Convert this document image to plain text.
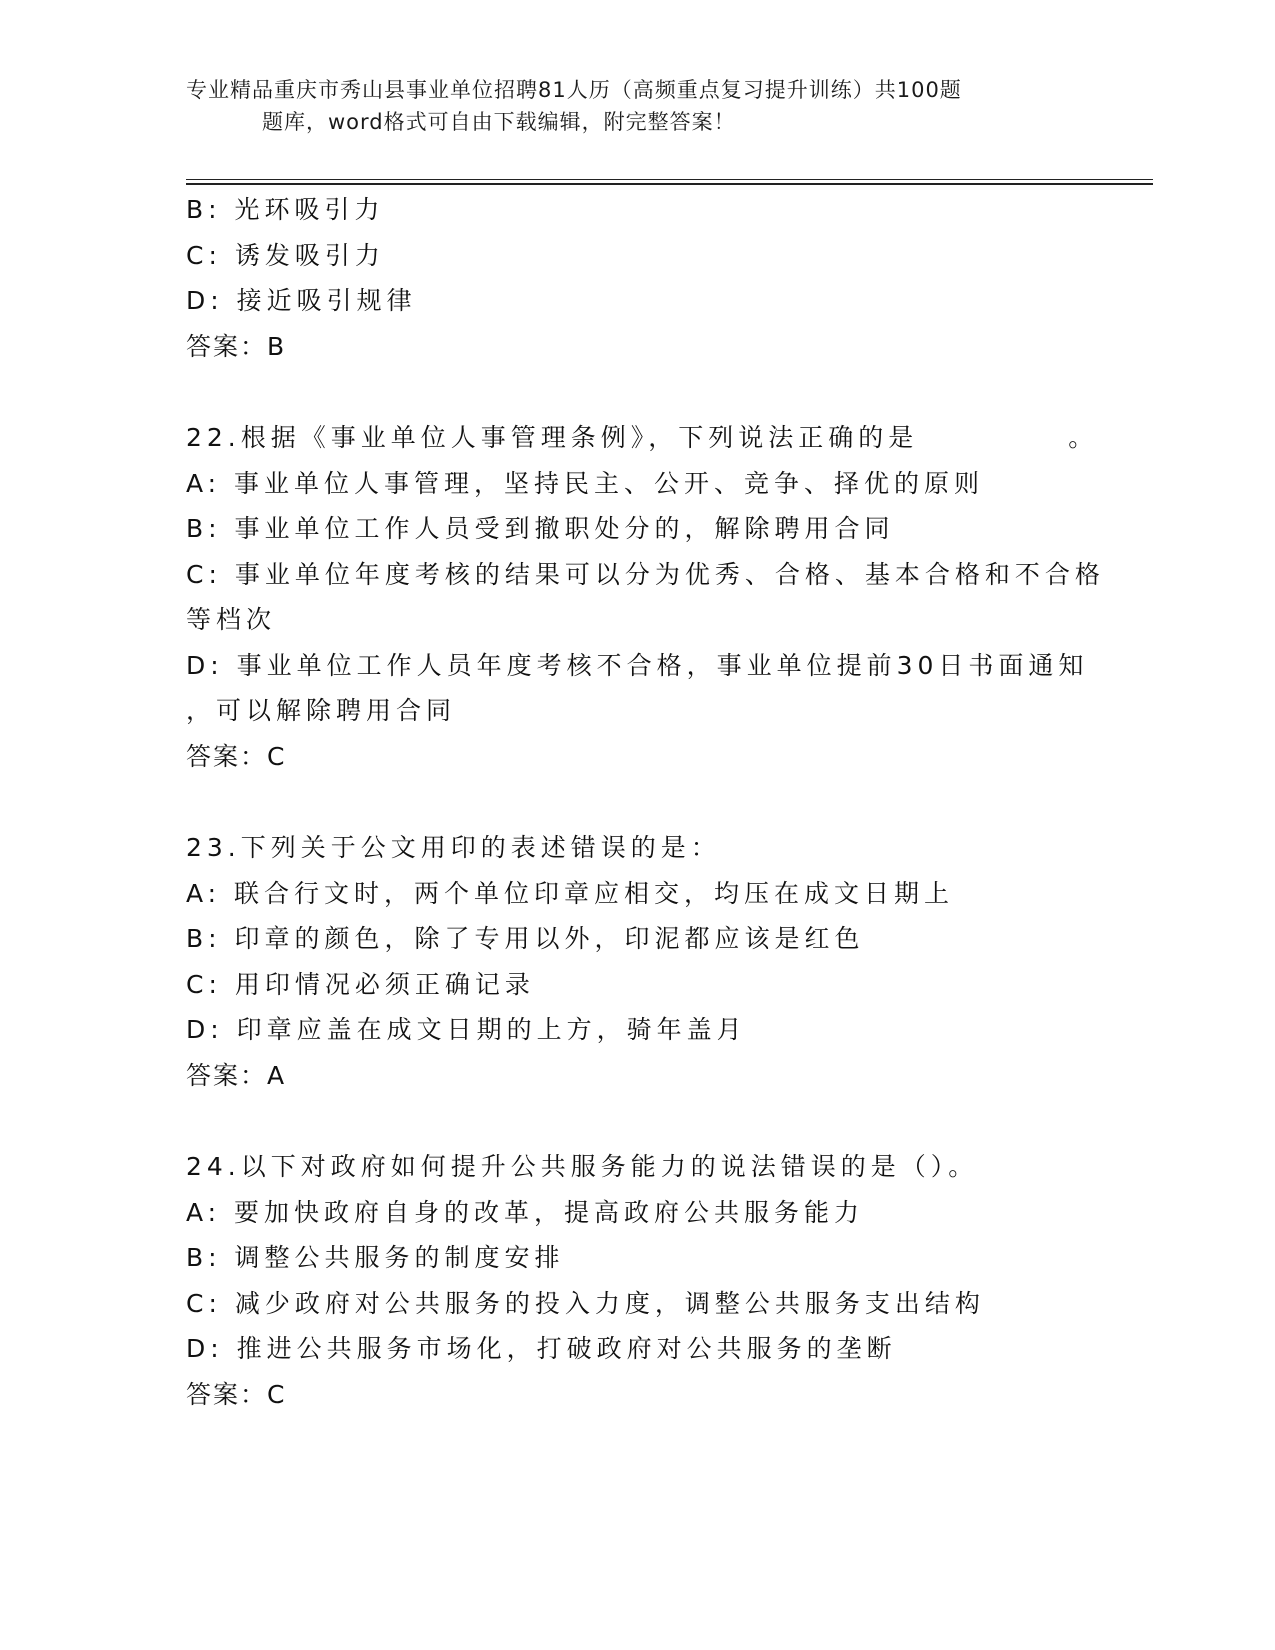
专业精品重庆市秀山县事业单位招聘81人历（高频重点复习提升训练）共100题
题库，word格式可自由下载编辑，附完整答案！
B: 光环吸引力
C: 诱发吸引力
D: 接近吸引规律
答案：B
22.根据《事业单位人事管理条例》，下列说法正确的是	。
A: 事业单位人事管理，坚持民主、公开、竞争、择优的原则
B: 事业单位工作人员受到撤职处分的，解除聘用合同
C: 事业单位年度考核的结果可以分为优秀、合格、基本合格和不合格
等档次
D: 事业单位工作人员年度考核不合格，事业单位提前30日书面通知
，可以解除聘用合同
答案：C
23.下列关于公文用印的表述错误的是：
A: 联合行文时，两个单位印章应相交，均压在成文日期上
B: 印章的颜色，除了专用以外，印泥都应该是红色
C: 用印情况必须正确记录
D: 印章应盖在成文日期的上方，骑年盖月
答案：A
24.以下对政府如何提升公共服务能力的说法错误的是（）。
A: 要加快政府自身的改革，提高政府公共服务能力
B: 调整公共服务的制度安排
C: 减少政府对公共服务的投入力度，调整公共服务支出结构
D: 推进公共服务市场化，打破政府对公共服务的垄断
答案：C
